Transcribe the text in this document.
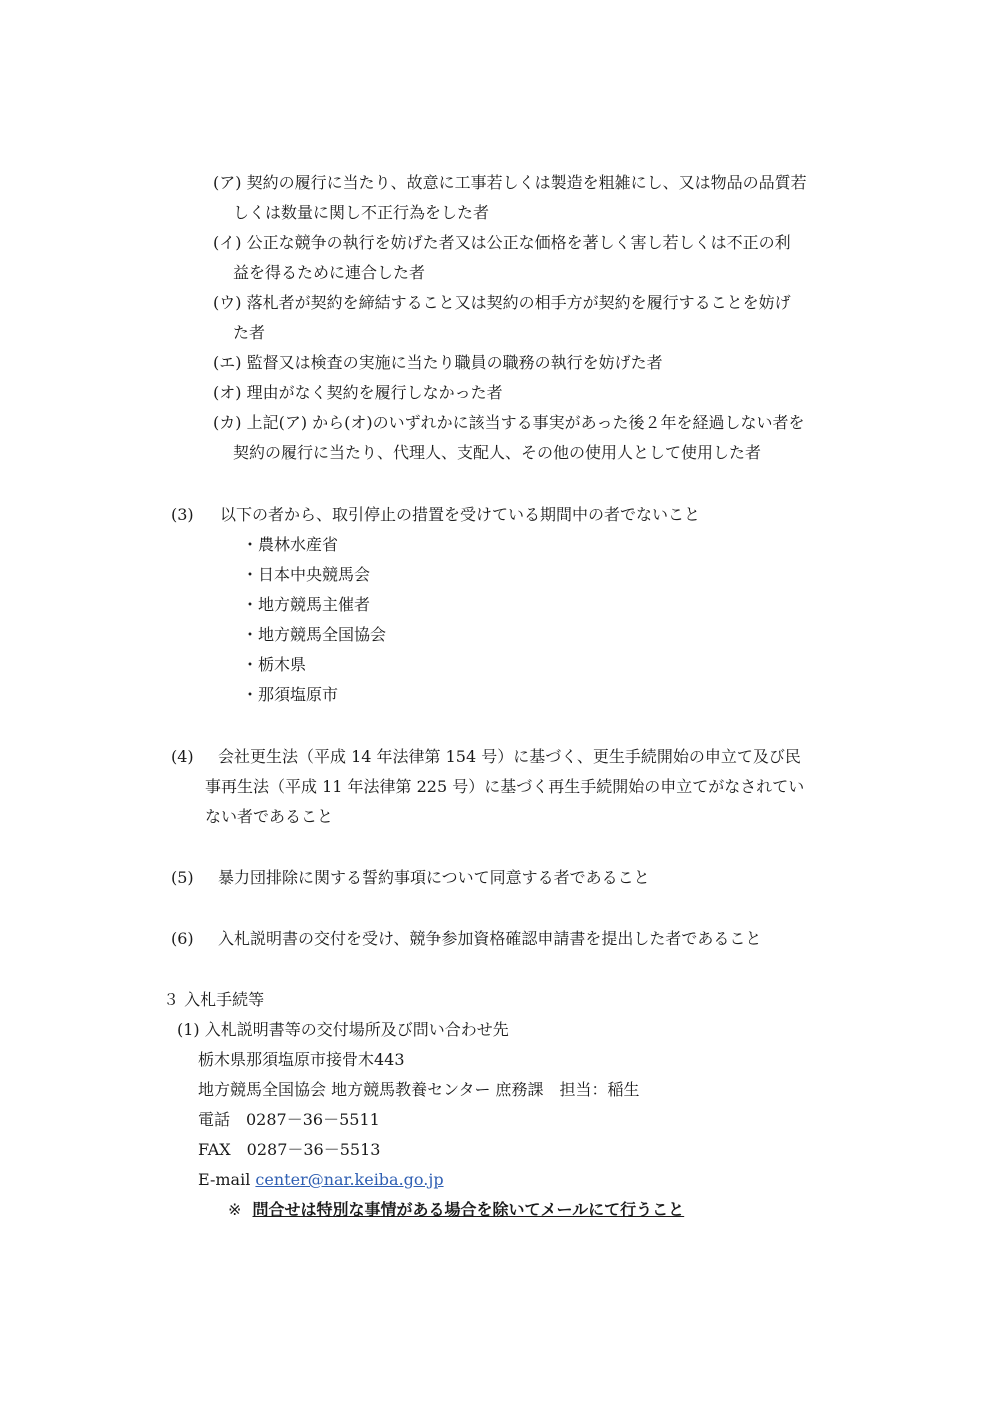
(ア) 契約の履行に当たり、故意に工事若しくは製造を粗雑にし、又は物品の品質若
しくは数量に関し不正行為をした者
(イ) 公正な競争の執行を妨げた者又は公正な価格を著しく害し若しくは不正の利
益を得るために連合した者
(ウ) 落札者が契約を締結すること又は契約の相手方が契約を履行することを妨げ
た者
(エ) 監督又は検査の実施に当たり職員の職務の執行を妨げた者
(オ) 理由がなく契約を履行しなかった者
(カ) 上記(ア) から(オ)のいずれかに該当する事実があった後２年を経過しない者を
契約の履行に当たり、代理人、支配人、その他の使用人として使用した者
(3) 以下の者から、取引停止の措置を受けている期間中の者でないこと
・農林水産省
・日本中央競馬会
・地方競馬主催者
・地方競馬全国協会
・栃木県
・那須塩原市
(4) 会社更生法（平成 14 年法律第 154 号）に基づく、更生手続開始の申立て及び民
事再生法（平成 11 年法律第 225 号）に基づく再生手続開始の申立てがなされてい
ない者であること
(5) 暴力団排除に関する誓約事項について同意する者であること
(6) 入札説明書の交付を受け、競争参加資格確認申請書を提出した者であること
３ 入札手続等
(1) 入札説明書等の交付場所及び問い合わせ先
栃木県那須塩原市接骨木443
地方競馬全国協会 地方競馬教養センター 庶務課　担当：稲生
電話　0287－36－5511
FAX　0287－36－5513
E-mail center@nar.keiba.go.jp
※ 問合せは特別な事情がある場合を除いてメールにて行うこと
